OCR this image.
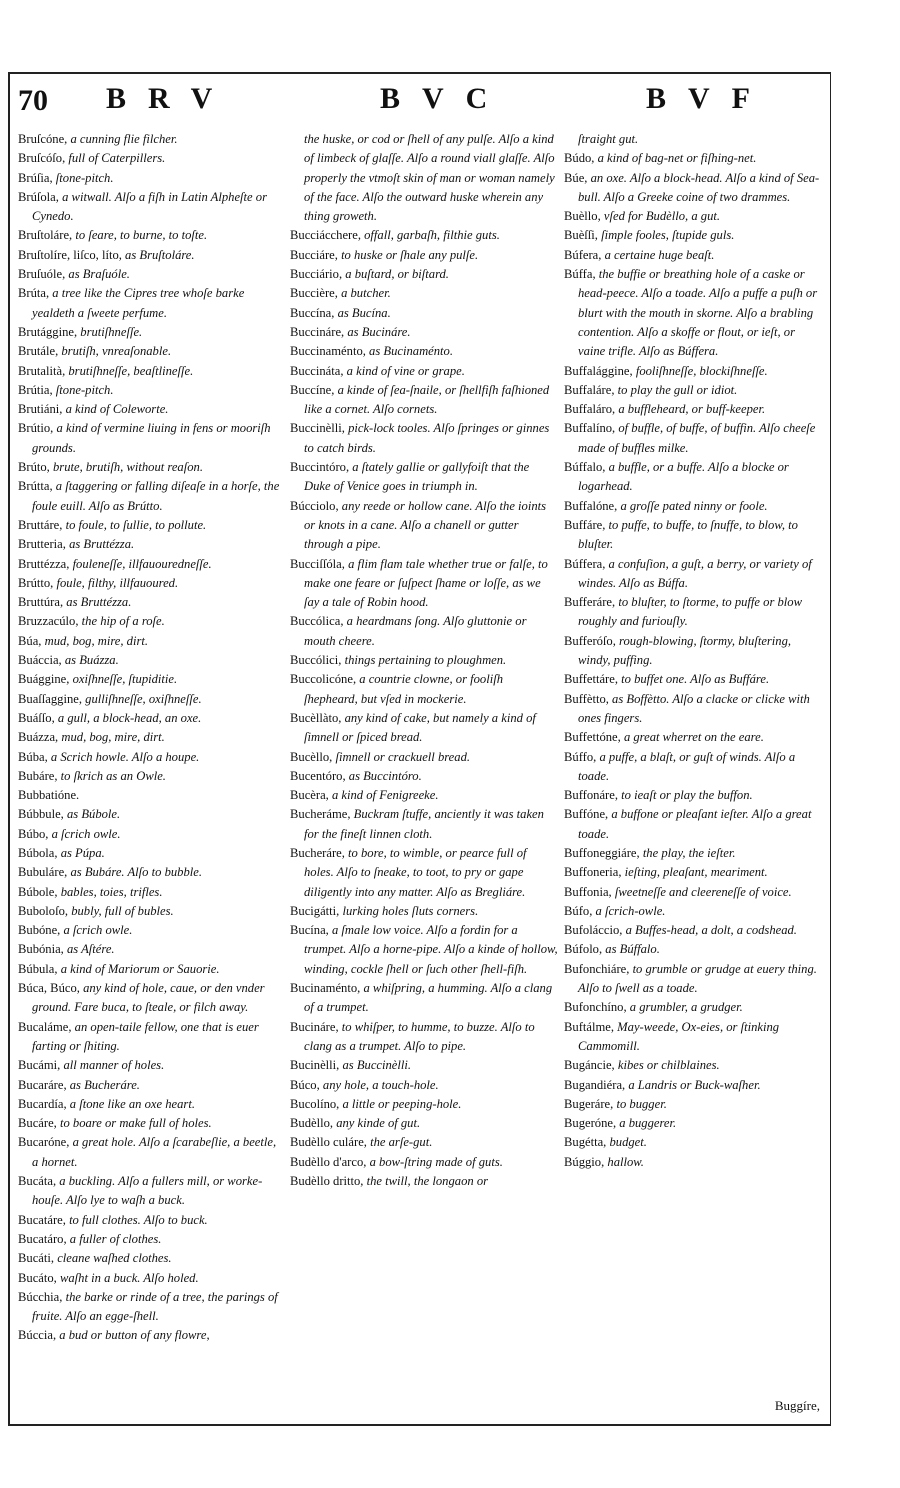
70 BRV	BVC	BVF
Bruſcóne, a cunning flie filcher.
Bruſcóſo, full of Caterpillers.
Brúſia, ſtone-pitch.
Brúſola, a witwall. Alſo a fiſh in Latin Alpheſte or Cynedo.
Bruſtoláre, to ſeare, to burne, to toſte.
Bruſtolíre, liſco, líto, as Bruſtoláre.
Bruſuóle, as Braſuóle.
Brúta, a tree like the Cipres tree whoſe barke yealdeth a ſweete perfume.
Brutággine, brutiſhneſſe.
Brutále, brutiſh, vnreaſonable.
Brutalità, brutiſhneſſe, beaſtlineſſe.
Brútia, ſtone-pitch.
Brutiáni, a kind of Coleworte.
Brútio, a kind of vermine liuing in fens or mooriſh grounds.
Brúto, brute, brutiſh, without reaſon.
Brútta, a ſtaggering or falling diſeaſe in a horſe, the foule euill. Alſo as Brútto.
Bruttáre, to foule, to ſullie, to pollute.
Brutteria, as Bruttézza.
Bruttézza, fouleneſſe, illfauouredneſſe.
Brútto, foule, filthy, illfauoured.
Bruttúra, as Bruttézza.
Bruzzacúlo, the hip of a roſe.
Búa, mud, bog, mire, dirt.
Buáccia, as Buázza.
Buággine, oxiſhneſſe, ſtupiditie.
Buaſſaggine, gulliſhneſſe, oxiſhneſſe.
Buáſſo, a gull, a block-head, an oxe.
Buázza, mud, bog, mire, dirt.
Búba, a Scrich howle. Alſo a houpe.
Bubáre, to ſkrich as an Owle.
Bubbatióne.
Búbbule, as Búbole.
Búbo, a ſcrich owle.
Búbola, as Púpa.
Bubuláre, as Bubáre. Alſo to bubble.
Búbole, bables, toies, trifles.
Buboloſo, bubly, full of bubles.
Bubóne, a ſcrich owle.
Bubónia, as Aſtére.
Búbula, a kind of Mariorum or Sauorie.
Búca, Búco, any kind of hole, caue, or den vnder ground. Fare buca, to ſteale, or filch away.
Bucaláme, an open-taile fellow, one that is euer farting or ſhiting.
Bucámi, all manner of holes.
Bucaráre, as Bucheráre.
Bucardía, a ſtone like an oxe heart.
Bucáre, to boare or make full of holes.
Bucaróne, a great hole. Alſo a ſcarabeſlie, a beetle, a hornet.
Bucáta, a buckling. Alſo a fullers mill, or worke-houſe. Alſo lye to waſh a buck.
Bucatáre, to full clothes. Alſo to buck.
Bucatáro, a fuller of clothes.
Bucáti, cleane waſhed clothes.
Bucáto, waſht in a buck. Alſo holed.
Búcchia, the barke or rinde of a tree, the parings of fruite. Alſo an egge-ſhell.
Búccia, a bud or button of any flowre,
the huske, or cod or ſhell of any pulſe. Alſo a kind of limbeck of glaſſe. Alſo a round viall glaſſe. Alſo properly the vtmoſt skin of man or woman namely of the face. Alſo the outward huske wherein any thing groweth.
Bucciácchere, offall, garbaſh, filthie guts.
Bucciáre, to huske or ſhale any pulſe.
Bucciário, a buſtard, or biſtard.
Buccière, a butcher.
Buccína, as Bucína.
Buccináre, as Bucináre.
Buccinaménto, as Bucinaménto.
Buccináta, a kind of vine or grape.
Buccíne, a kinde of ſea-ſnaile, or ſhellfiſh faſhioned like a cornet. Alſo cornets.
Buccinèlli, pick-lock tooles. Alſo ſpringes or ginnes to catch birds.
Buccintóro, a ſtately gallie or gallyfoiſt that the Duke of Venice goes in triumph in.
Búcciolo, any reede or hollow cane. Alſo the ioints or knots in a cane. Alſo a chanell or gutter through a pipe.
Bucciſſóla, a flim flam tale whether true or falſe, to make one feare or ſuſpect ſhame or loſſe, as we ſay a tale of Robin hood.
Buccólica, a heardmans ſong. Alſo gluttonie or mouth cheere.
Buccólici, things pertaining to ploughmen.
Buccolicóne, a countrie clowne, or fooliſh ſhepheard, but vſed in mockerie.
Bucèllàto, any kind of cake, but namely a kind of ſimnell or ſpiced bread.
Bucèllo, ſimnell or crackuell bread.
Bucentóro, as Buccintóro.
Bucèra, a kind of Fenigreeke.
Bucheráme, Buckram ſtuffe, anciently it was taken for the fineſt linnen cloth.
Bucheráre, to bore, to wimble, or pearce full of holes. Alſo to ſneake, to toot, to pry or gape diligently into any matter. Alſo as Bregliáre.
Bucigátti, lurking holes ſluts corners.
Bucína, a ſmale low voice. Alſo a fordin for a trumpet. Alſo a horne-pipe. Alſo a kinde of hollow, winding, cockle ſhell or ſuch other ſhell-fiſh.
Bucinaménto, a whiſpring, a humming. Alſo a clang of a trumpet.
Bucináre, to whiſper, to humme, to buzze. Alſo to clang as a trumpet. Alſo to pipe.
Bucinèlli, as Buccinèlli.
Búco, any hole, a touch-hole.
Bucolíno, a little or peeping-hole.
Budèllo, any kinde of gut.
Budèllo culáre, the arſe-gut.
Budèllo d'arco, a bow-ſtring made of guts.
Budèllo dritto, the twill, the longaon or
ſtraight gut.
Búdo, a kind of bag-net or fiſhing-net.
Búe, an oxe. Alſo a block-head. Alſo a kind of Sea-bull. Alſo a Greeke coine of two drammes.
Buèllo, vſed for Budèllo, a gut.
Buèſſi, ſimple fooles, ſtupide guls.
Búfera, a certaine huge beaſt.
Búffa, the buffie or breathing hole of a caske or head-peece. Alſo a toade. Alſo a puffe a puſh or blurt with the mouth in skorne. Alſo a brabling contention. Alſo a skoffe or flout, or ieſt, or vaine trifle. Alſo as Búffera.
Buffalággine, fooliſhneſſe, blockiſhneſſe.
Buffaláre, to play the gull or idiot.
Buffaláro, a buffleheard, or buff-keeper.
Buffalíno, of buffle, of buffe, of buffin. Alſo cheeſe made of buffles milke.
Búffalo, a buffle, or a buffe. Alſo a blocke or logarhead.
Buffalóne, a groſſe pated ninny or foole.
Buffáre, to puffe, to buffe, to ſnuffe, to blow, to bluſter.
Búffera, a confuſion, a guſt, a berry, or variety of windes. Alſo as Búffa.
Bufferáre, to bluſter, to ſtorme, to puffe or blow roughly and furiouſly.
Bufferóſo, rough-blowing, ſtormy, bluſtering, windy, puffing.
Buffettáre, to buffet one. Alſo as Buffáre.
Buffètto, as Boffètto. Alſo a clacke or clicke with ones fingers.
Buffettóne, a great wherret on the eare.
Búffo, a puffe, a blaſt, or guſt of winds. Alſo a toade.
Buffonáre, to ieaſt or play the buffon.
Buffóne, a buffone or pleaſant ieſter. Alſo a great toade.
Buffoneggiáre, the play, the ieſter.
Buffoneria, ieſting, pleaſant, meariment.
Buffonia, ſweetneſſe and cleereneſſe of voice.
Búfo, a ſcrich-owle.
Bufoláccio, a Buffes-head, a dolt, a codshead.
Búfolo, as Búffalo.
Bufonchiáre, to grumble or grudge at euery thing. Alſo to ſwell as a toade.
Bufonchíno, a grumbler, a grudger.
Buftálme, May-weede, Ox-eies, or ſtinking Cammomill.
Bugáncie, kibes or chilblaines.
Bugandiéra, a Landris or Buck-waſher.
Bugeráre, to bugger.
Bugeróne, a buggerer.
Bugétta, budget.
Búggio, hallow.
Buggíre,
